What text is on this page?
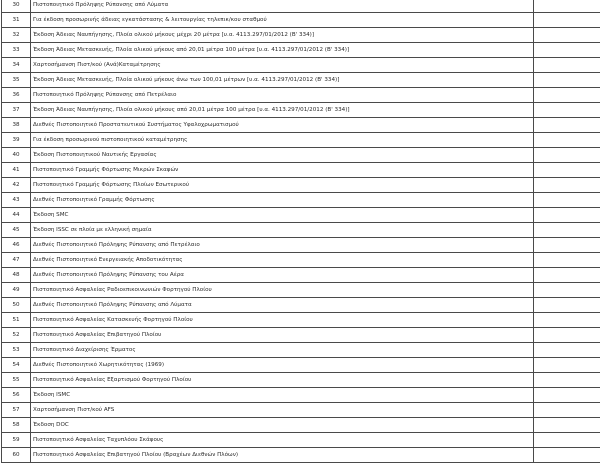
30	Πιστοποιητικό Πρόληψης Ρύπανσης από Λύματα	
31	Για έκδοση προσωρινής άδειας εγκατάστασης & λειτουργίας τηλεπικ/κου σταθμού	
32	Έκδοση Άδειας Ναυπήγησης, Πλοία ολικού μήκους μέχρι 20 μέτρα [υ.α. 4113.297/01/2012 (Β' 334)]	
33	Έκδοση Άδειας Μετασκευής, Πλοία ολικού μήκους από 20,01 μέτρα 100 μέτρα [υ.α. 4113.297/01/2012 (Β' 334)]	
34	Χαρτοσήμανση Πιστ/κού (Ανά)Καταμέτρησης	
35	Έκδοση Άδειας Μετασκευής, Πλοία ολικού μήκους άνω των 100,01 μέτρων [υ.α. 4113.297/01/2012 (Β' 334)]	
36	Πιστοποιητικό Πρόληψης Ρύπανσης από Πετρέλαιο	
37	Έκδοση Άδειας Ναυπήγησης, Πλοία ολικού μήκους από 20,01 μέτρα 100 μέτρα [υ.α. 4113.297/01/2012 (Β' 334)]	
38	Διεθνές Πιστοποιητικό Προστατευτικού Συστήματος Υφαλοχρωματισμού	
39	Για έκδοση προσωρινού πιστοποιητικού καταμέτρησης	
40	Έκδοση Πιστοποιητικού Ναυτικής Εργασίας	
41	Πιστοποιητικό Γραμμής Φόρτωσης Μικρών Σκαφών	
42	Πιστοποιητικό Γραμμής Φόρτωσης Πλοίων Εσωτερικού	
43	Διεθνές Πιστοποιητικό Γραμμής Φόρτωσης	
44	Έκδοση SMC	
45	Έκδοση ISSC σε πλοία με ελληνική σημαία	
46	Διεθνές Πιστοποιητικό Πρόληψης Ρύπανσης από Πετρέλαιο	
47	Διεθνές Πιστοποιητικό Ενεργειακής Αποδοτικότητας	
48	Διεθνές Πιστοποιητικό Πρόληψης Ρύπανσης του Αέρα	
49	Πιστοποιητικό Ασφαλείας Ραδιοεπικοινωνιών Φορτηγού Πλοίου	
50	Διεθνές Πιστοποιητικό Πρόληψης Ρύπανσης από Λύματα	
51	Πιστοποιητικό Ασφαλείας Κατασκευής Φορτηγού Πλοίου	
52	Πιστοποιητικό Ασφαλείας Επιβατηγού Πλοίου	
53	Πιστοποιητικό Διαχείρισης Έρματος	
54	Διεθνές Πιστοποιητικό Χωρητικότητας (1969)	
55	Πιστοποιητικό Ασφαλείας Εξαρτισμού Φορτηγού Πλοίου	
56	Έκδοση ISMC	
57	Χαρτοσήμανση Πιστ/κού AFS	
58	Έκδοση DOC	
59	Πιστοποιητικό Ασφαλείας Ταχυπλόου Σκάφους	
60	Πιστοποιητικό Ασφαλείας Επιβατηγού Πλοίου (Βραχέων Διεθνών Πλόων)	
